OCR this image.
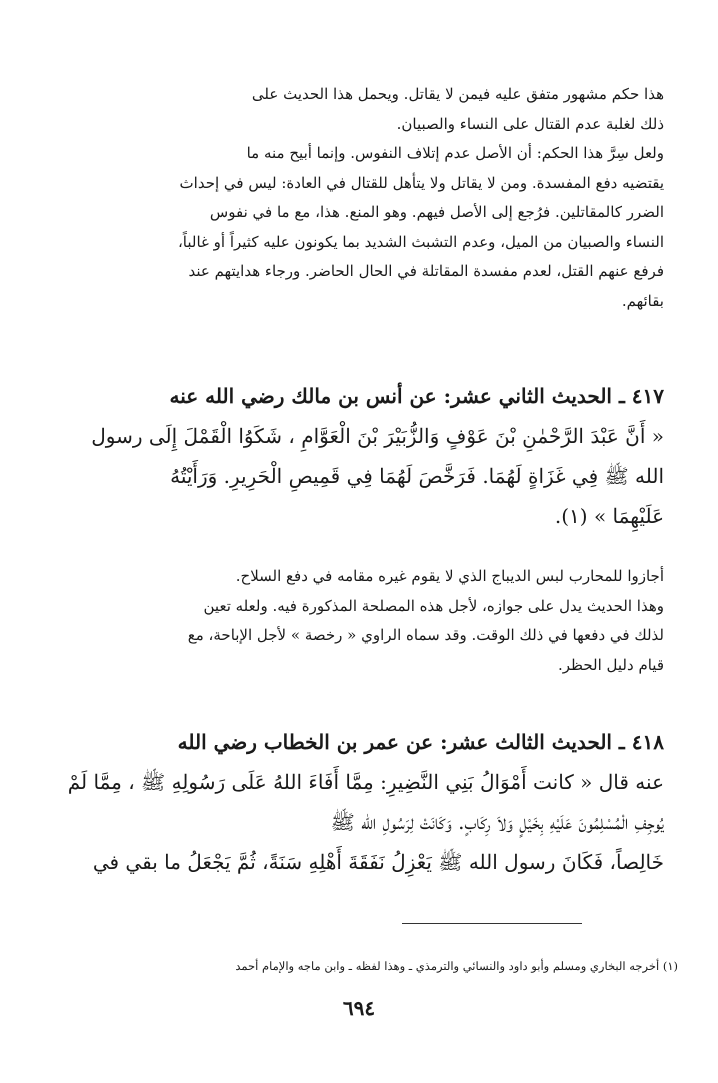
هذا حكم مشهور متفق عليه فيمن لا يقاتل. ويحمل هذا الحديث على
ذلك لغلبة عدم القتال على النساء والصبيان.
ولعل سِرَّ هذا الحكم: أن الأصل عدم إتلاف النفوس. وإنما أبيح منه ما
يقتضيه دفع المفسدة. ومن لا يقاتل ولا يتأهل للقتال في العادة: ليس في إحداث
الضرر كالمقاتلين. فرُجع إلى الأصل فيهم. وهو المنع. هذا، مع ما في نفوس
النساء والصبيان من الميل، وعدم التشبث الشديد بما يكونون عليه كثيراً أو غالباً،
فرفع عنهم القتل، لعدم مفسدة المقاتلة في الحال الحاضر. ورجاء هدايتهم عند
بقائهم.
٤١٧ ـ الحديث الثاني عشر: عن أنس بن مالك رضي الله عنه
« أَنَّ عَبْدَ الرَّحْمٰنِ بْنَ عَوْفٍ وَالزُّبَيْرَ بْنَ الْعَوَّامِ ، شَكَوُا الْقَمْلَ إِلَى رسول
الله ﷺ فِي غَزَاةٍ لَهُمَا. فَرَخَّصَ لَهُمَا فِي قَمِيصِ الْحَرِيرِ. وَرَأَيْتُهُ
عَلَيْهِمَا » (١).
أجازوا للمحارب لبس الديباج الذي لا يقوم غيره مقامه في دفع السلاح.
وهذا الحديث يدل على جوازه، لأجل هذه المصلحة المذكورة فيه. ولعله تعين
لذلك في دفعها في ذلك الوقت. وقد سماه الراوي « رخصة » لأجل الإباحة، مع
قيام دليل الحظر.
٤١٨ ـ الحديث الثالث عشر: عن عمر بن الخطاب رضي الله
عنه قال « كانت أَمْوَالُ بَنِي النَّضِيرِ: مِمَّا أَفَاءَ اللهُ عَلَى رَسُولِهِ ﷺ ، مِمَّا لَمْ
يُوجِفِ الْمُسْلِمُونَ عَلَيْهِ بِخَيْلٍ وَلاَ رِكَابٍ. وَكَانَتْ لِرَسُولِ الله ﷺ
خَالِصاً، فَكَانَ رسول الله ﷺ يَعْزِلُ نَفَقَةَ أَهْلِهِ سَنَةً، ثُمَّ يَجْعَلُ ما بقي في
(١) أخرجه البخاري ومسلم وأبو داود والنسائي والترمذي ـ وهذا لفظه ـ وابن ماجه والإمام أحمد
٦٩٤
